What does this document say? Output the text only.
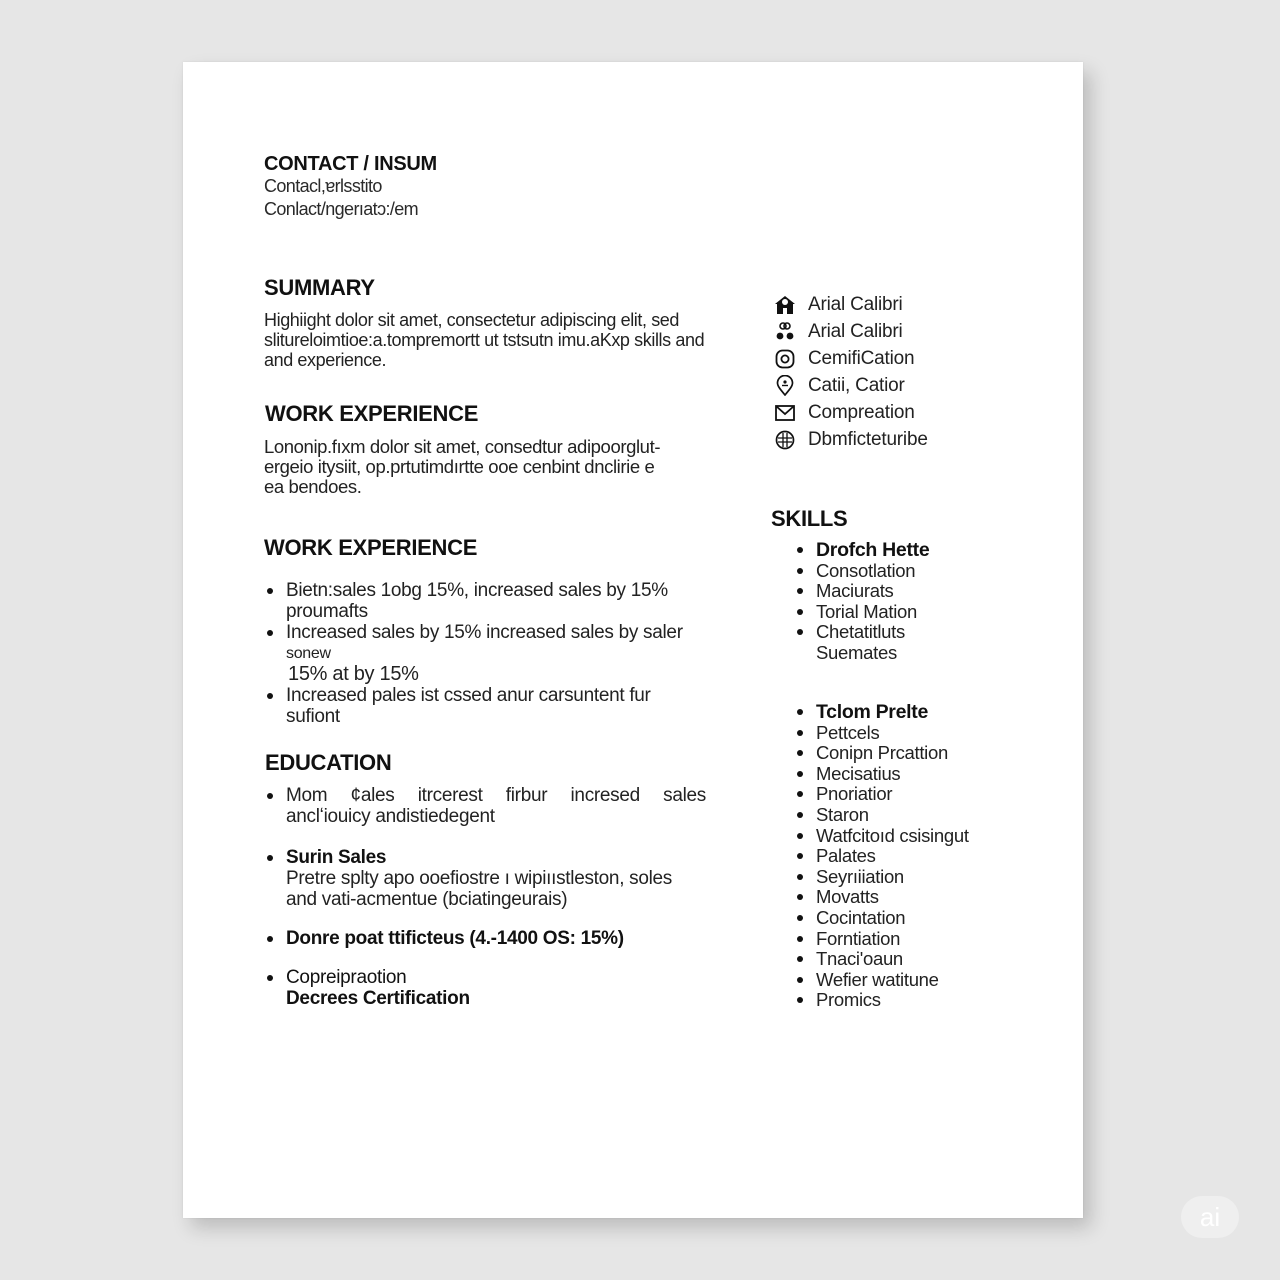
CONTACT / INSUM
Contacl,ɐrlsstito
Conlact/ngerıatɔ:/em
SUMMARY
Highiight dolor sit amet, consectetur adipiscing elit, sed
slitureloimtioe:a.tompremortt ut tstsutn imu.aKxp skills and
and experience.
WORK EXPERIENCE
Lononip.fıxm dolor sit amet, consedtur adipoorglut-
ergeio itysiit, op.prtutimdırtte ooe cenbint dnclirie e
ea bendoes.
WORK EXPERIENCE
Bietn:sales 1obg 15%, increased sales by 15%
proumafts
Increased sales by 15% increased sales by saler
sonew
15% at by 15%
Increased pales ist cssed anur carsuntent fur
sufiont
EDUCATION
Mom ¢ales itrcerest firbur incresed sales
anclʻiouicy andistiedegent
Surin Sales
Pretre splty apo ooefiostre ı wipiııstleston, soles
and vati-acmentue (bciatingeurais)
Donre poat ttificteus (4.-1400 OS: 15%)
Copreipraotion
Decrees Certification
Arial Calibri
Arial Calibri
CemifiCation
Catii, Catior
Compreation
Dbmficteturibe
SKILLS
Drofch Hette
Consotlation
Maciurats
Torial Mation
Chetatitluts
Suemates
Tclom Prelte
Pettcels
Conipn Prcattion
Mecisatius
Pnoriatior
Staron
Watfcitoıd csisingut
Palates
Seyrıiiation
Movatts
Cocintation
Forntiation
Tnaci'oaun
Wefier watitune
Promics
ai
